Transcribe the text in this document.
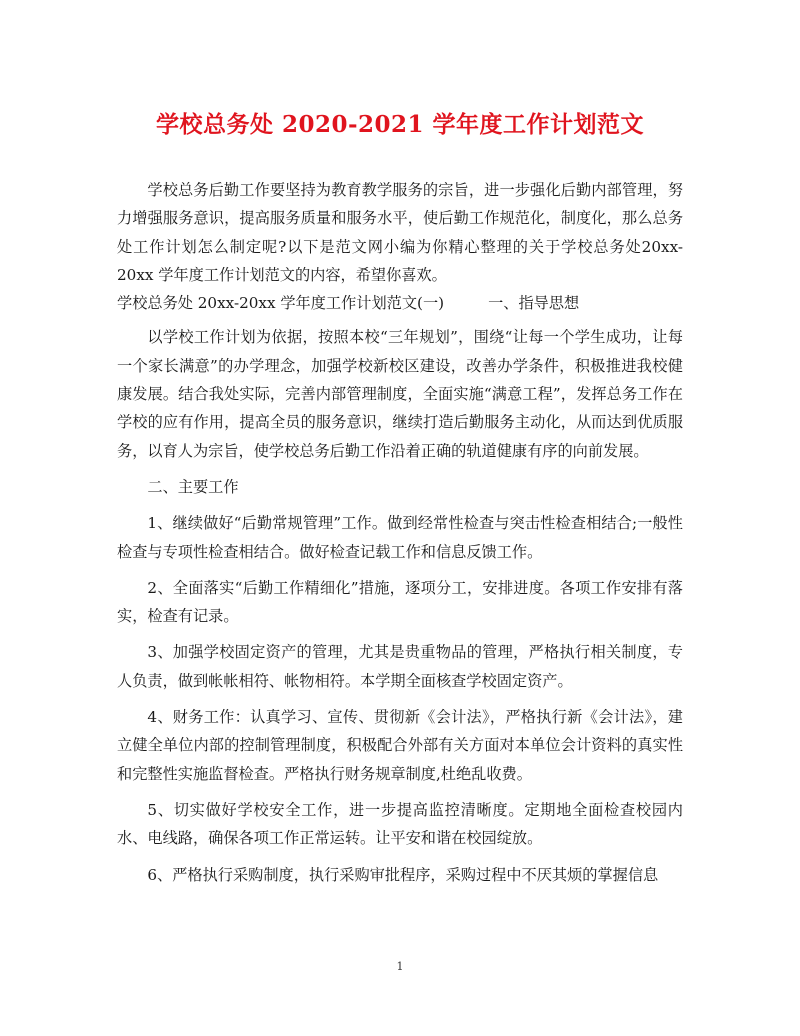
学校总务处 2020-2021 学年度工作计划范文

学校总务后勤工作要坚持为教育教学服务的宗旨，进一步强化后勤内部管理，努力增强服务意识，提高服务质量和服务水平，使后勤工作规范化，制度化，那么总务处工作计划怎么制定呢?以下是范文网小编为你精心整理的关于学校总务处20xx-20xx 学年度工作计划范文的内容，希望你喜欢。

学校总务处 20xx-20xx 学年度工作计划范文(一)	一、指导思想

以学校工作计划为依据，按照本校“三年规划”，围绕“让每一个学生成功，让每一个家长满意”的办学理念，加强学校新校区建设，改善办学条件，积极推进我校健康发展。结合我处实际，完善内部管理制度，全面实施“满意工程”，发挥总务工作在学校的应有作用，提高全员的服务意识，继续打造后勤服务主动化，从而达到优质服务，以育人为宗旨，使学校总务后勤工作沿着正确的轨道健康有序的向前发展。

二、主要工作

1、继续做好“后勤常规管理”工作。做到经常性检查与突击性检查相结合;一般性检查与专项性检查相结合。做好检查记载工作和信息反馈工作。

2、全面落实“后勤工作精细化”措施，逐项分工，安排进度。各项工作安排有落实，检查有记录。

3、加强学校固定资产的管理，尤其是贵重物品的管理，严格执行相关制度，专人负责，做到帐帐相符、帐物相符。本学期全面核查学校固定资产。

4、财务工作：认真学习、宣传、贯彻新《会计法》，严格执行新《会计法》，建立健全单位内部的控制管理制度，积极配合外部有关方面对本单位会计资料的真实性和完整性实施监督检查。严格执行财务规章制度,杜绝乱收费。

5、切实做好学校安全工作，进一步提高监控清晰度。定期地全面检查校园内水、电线路，确保各项工作正常运转。让平安和谐在校园绽放。

6、严格执行采购制度，执行采购审批程序，采购过程中不厌其烦的掌握信息

1
